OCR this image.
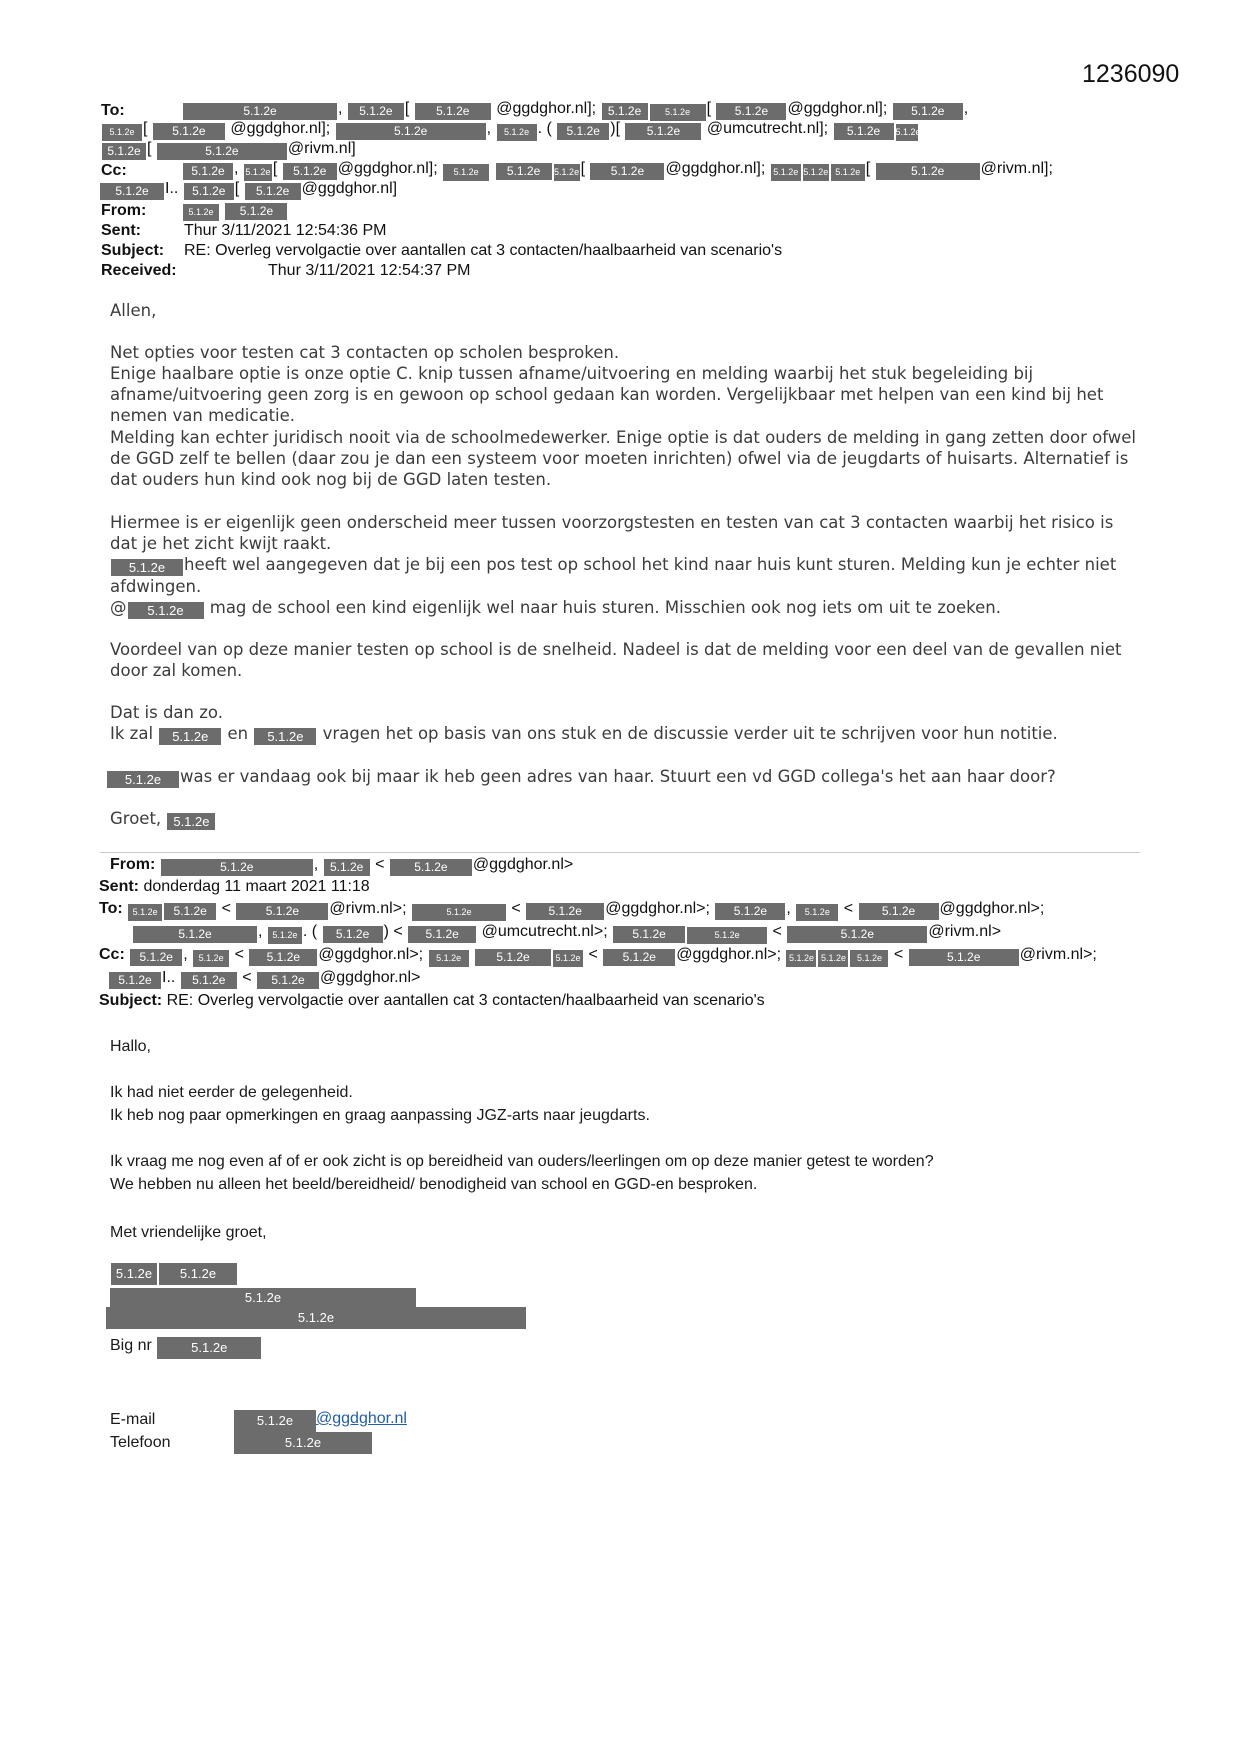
1236090
To:	5.1.2e	, 5.1.2e [ 5.1.2e @ggdghor.nl]; 5.1.2e	5.1.2e [ 5.1.2e @ggdghor.nl]; 5.1.2e ,
5.1.2e [ 5.1.2e @ggdghor.nl];	5.1.2e	, 5.1.2e . ( 5.1.2e )[ 5.1.2e @umcutrecht.nl]; 5.1.2e 5.1.2e
5.1.2e [	5.1.2e	@rivm.nl]
Cc:	5.1.2e , 5.1.2e [ 5.1.2e @ggdghor.nl]; 5.1.2e 5.1.2e 5.1.2e[ 5.1.2e @ggdghor.nl]; 5.1.2e 5.1.2e 5.1.2e [	5.1.2e @rivm.nl];
5.1.2e I.. 5.1.2e [ 5.1.2e @ggdghor.nl]
From:	5.1.2e 5.1.2e
Sent:	Thur 3/11/2021 12:54:36 PM
Subject: RE: Overleg vervolgactie over aantallen cat 3 contacten/haalbaarheid van scenario's
Received:	Thur 3/11/2021 12:54:37 PM
Allen,
Net opties voor testen cat 3 contacten op scholen besproken.
Enige haalbare optie is onze optie C. knip tussen afname/uitvoering en melding waarbij het stuk begeleiding bij afname/uitvoering geen zorg is en gewoon op school gedaan kan worden. Vergelijkbaar met helpen van een kind bij het nemen van medicatie.
Melding kan echter juridisch nooit via de schoolmedewerker. Enige optie is dat ouders de melding in gang zetten door ofwel de GGD zelf te bellen (daar zou je dan een systeem voor moeten inrichten) ofwel via de jeugdarts of huisarts. Alternatief is dat ouders hun kind ook nog bij de GGD laten testen.
Hiermee is er eigenlijk geen onderscheid meer tussen voorzorgstesten en testen van cat 3 contacten waarbij het risico is dat je het zicht kwijt raakt.
5.1.2e heeft wel aangegeven dat je bij een pos test op school het kind naar huis kunt sturen. Melding kun je echter niet afdwingen.
@ 5.1.2e mag de school een kind eigenlijk wel naar huis sturen. Misschien ook nog iets om uit te zoeken.
Voordeel van op deze manier testen op school is de snelheid. Nadeel is dat de melding voor een deel van de gevallen niet door zal komen.
Dat is dan zo.
Ik zal 5.1.2e en 5.1.2e vragen het op basis van ons stuk en de discussie verder uit te schrijven voor hun notitie.
5.1.2e was er vandaag ook bij maar ik heb geen adres van haar. Stuurt een vd GGD collega's het aan haar door?
Groet, 5.1.2e
From:	5.1.2e	, 5.1.2e < 5.1.2e @ggdghor.nl>
Sent: donderdag 11 maart 2021 11:18
To: 5.1.2e 5.1.2e <	5.1.2e @rivm.nl>;	5.1.2e < 5.1.2e @ggdghor.nl>; 5.1.2e , 5.1.2e < 5.1.2e @ggdghor.nl>;
5.1.2e	, 5.1.2e . ( 5.1.2e ) < 5.1.2e @umcutrecht.nl>; 5.1.2e	5.1.2e <	5.1.2e	@rivm.nl>
Cc: 5.1.2e , 5.1.2e < 5.1.2e @ggdghor.nl>; 5.1.2e	5.1.2e	5.1.2e < 5.1.2e @ggdghor.nl>; 5.1.2e 5.1.2e 5.1.2e <	5.1.2e @rivm.nl>;
5.1.2e I.. 5.1.2e < 5.1.2e @ggdghor.nl>
Subject: RE: Overleg vervolgactie over aantallen cat 3 contacten/haalbaarheid van scenario's
Hallo,
Ik had niet eerder de gelegenheid.
Ik heb nog paar opmerkingen en graag aanpassing JGZ-arts naar jeugdarts.
Ik vraag me nog even af of er ook zicht is op bereidheid van ouders/leerlingen om op deze manier getest te worden?
We hebben nu alleen het beeld/bereidheid/ benodigheid van school en GGD-en besproken.
Met vriendelijke groet,
5.1.2e 5.1.2e
5.1.2e
5.1.2e
Big nr	5.1.2e
E-mail	5.1.2e @ggdghor.nl
Telefoon	5.1.2e
